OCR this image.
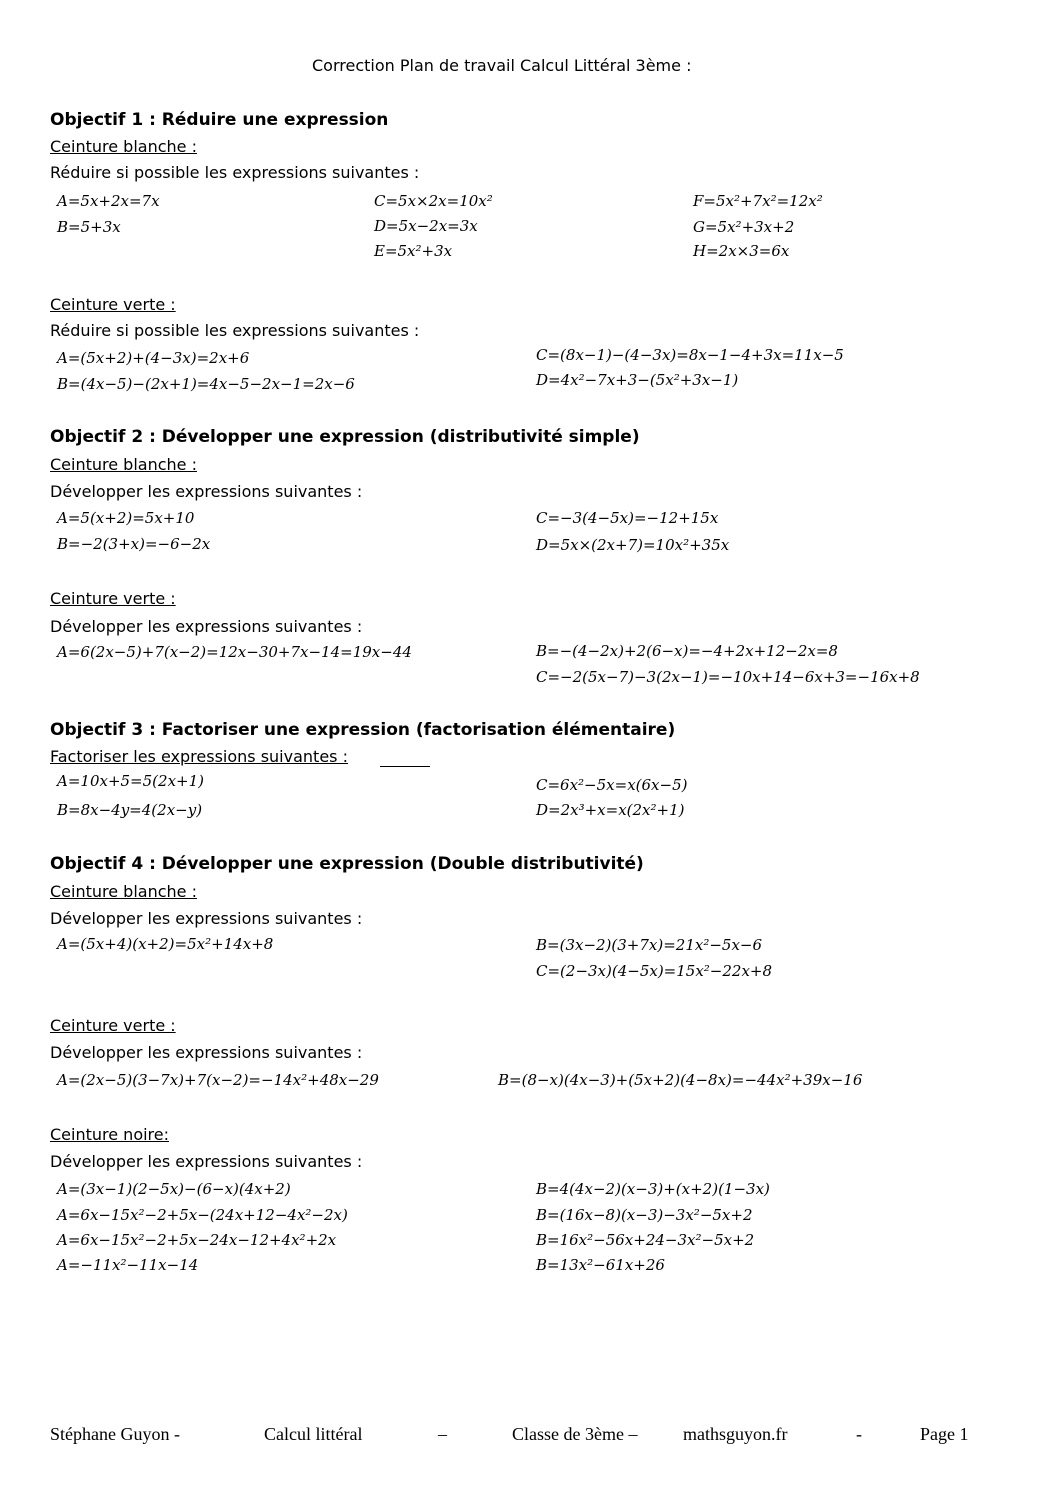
Correction Plan de travail Calcul Littéral 3ème :
Objectif 1 : Réduire une expression
Ceinture blanche :
Réduire si possible les expressions suivantes :
A=5x+2x=7x
B=5+3x
C=5x×2x=10x²
D=5x−2x=3x
E=5x²+3x
F=5x²+7x²=12x²
G=5x²+3x+2
H=2x×3=6x
Ceinture verte :
Réduire si possible les expressions suivantes :
A=(5x+2)+(4−3x)=2x+6
B=(4x−5)−(2x+1)=4x−5−2x−1=2x−6
C=(8x−1)−(4−3x)=8x−1−4+3x=11x−5
D=4x²−7x+3−(5x²+3x−1)
Objectif 2 : Développer une expression (distributivité simple)
Ceinture blanche :
Développer les expressions suivantes :
A=5(x+2)=5x+10
B=−2(3+x)=−6−2x
C=−3(4−5x)=−12+15x
D=5x×(2x+7)=10x²+35x
Ceinture verte :
Développer les expressions suivantes :
A=6(2x−5)+7(x−2)=12x−30+7x−14=19x−44	B=−(4−2x)+2(6−x)=−4+2x+12−2x=8
C=−2(5x−7)−3(2x−1)=−10x+14−6x+3=−16x+8
Objectif 3 : Factoriser une expression (factorisation élémentaire)
Factoriser les expressions suivantes :
A=10x+5=5(2x+1)
B=8x−4y=4(2x−y)
C=6x²−5x=x(6x−5)
D=2x³+x=x(2x²+1)
Objectif 4 : Développer une expression (Double distributivité)
Ceinture blanche :
Développer les expressions suivantes :
A=(5x+4)(x+2)=5x²+14x+8	B=(3x−2)(3+7x)=21x²−5x−6
C=(2−3x)(4−5x)=15x²−22x+8
Ceinture verte :
Développer les expressions suivantes :
A=(2x−5)(3−7x)+7(x−2)=−14x²+48x−29	B=(8−x)(4x−3)+(5x+2)(4−8x)=−44x²+39x−16
Ceinture noire:
Développer les expressions suivantes :
A=(3x−1)(2−5x)−(6−x)(4x+2)
A=6x−15x²−2+5x−(24x+12−4x²−2x)
A=6x−15x²−2+5x−24x−12+4x²+2x
A=−11x²−11x−14
B=4(4x−2)(x−3)+(x+2)(1−3x)
B=(16x−8)(x−3)−3x²−5x+2
B=16x²−56x+24−3x²−5x+2
B=13x²−61x+26
Stéphane Guyon -	Calcul littéral	–	Classe de 3ème –	mathsguyon.fr	-	Page 1
